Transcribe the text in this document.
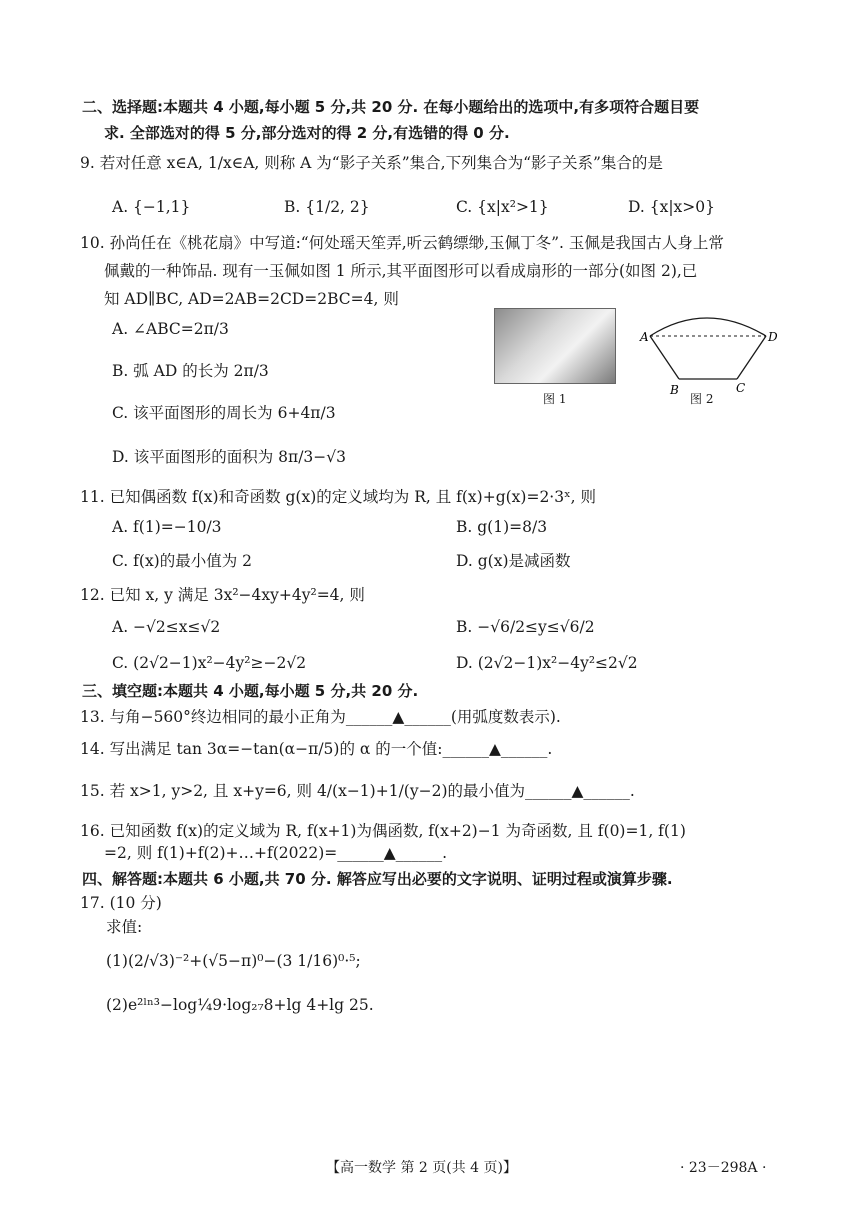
二、选择题:本题共 4 小题,每小题 5 分,共 20 分. 在每小题给出的选项中,有多项符合题目要
求. 全部选对的得 5 分,部分选对的得 2 分,有选错的得 0 分.
9. 若对任意 x∈A, 1/x∈A, 则称 A 为“影子关系”集合,下列集合为“影子关系”集合的是
A. {−1,1}	B. {1/2, 2}	C. {x|x²>1}	D. {x|x>0}
10. 孙尚任在《桃花扇》中写道:“何处瑶天笙弄,听云鹤缥缈,玉佩丁冬”. 玉佩是我国古人身上常
佩戴的一种饰品. 现有一玉佩如图 1 所示,其平面图形可以看成扇形的一部分(如图 2),已
知 AD∥BC, AD=2AB=2CD=2BC=4, 则
A. ∠ABC=2π/3
B. 弧 AD 的长为 2π/3
C. 该平面图形的周长为 6+4π/3
D. 该平面图形的面积为 8π/3−√3
图 1
A	D
B	C
图 2
11. 已知偶函数 f(x)和奇函数 g(x)的定义域均为 R, 且 f(x)+g(x)=2·3ˣ, 则
A. f(1)=−10/3	B. g(1)=8/3
C. f(x)的最小值为 2	D. g(x)是减函数
12. 已知 x, y 满足 3x²−4xy+4y²=4, 则
A. −√2≤x≤√2	B. −√6/2≤y≤√6/2
C. (2√2−1)x²−4y²≥−2√2	D. (2√2−1)x²−4y²≤2√2
三、填空题:本题共 4 小题,每小题 5 分,共 20 分.
13. 与角−560°终边相同的最小正角为______▲______(用弧度数表示).
14. 写出满足 tan 3α=−tan(α−π/5)的 α 的一个值:______▲______.
15. 若 x>1, y>2, 且 x+y=6, 则 4/(x−1)+1/(y−2)的最小值为______▲______.
16. 已知函数 f(x)的定义域为 R, f(x+1)为偶函数, f(x+2)−1 为奇函数, 且 f(0)=1, f(1)
=2, 则 f(1)+f(2)+…+f(2022)=______▲______.
四、解答题:本题共 6 小题,共 70 分. 解答应写出必要的文字说明、证明过程或演算步骤.
17. (10 分)
求值:
(1)(2/√3)⁻²+(√5−π)⁰−(3 1/16)⁰·⁵;
(2)e²ˡⁿ³−log¼9·log₂₇8+lg 4+lg 25.
【高一数学 第 2 页(共 4 页)】	· 23－298A ·
